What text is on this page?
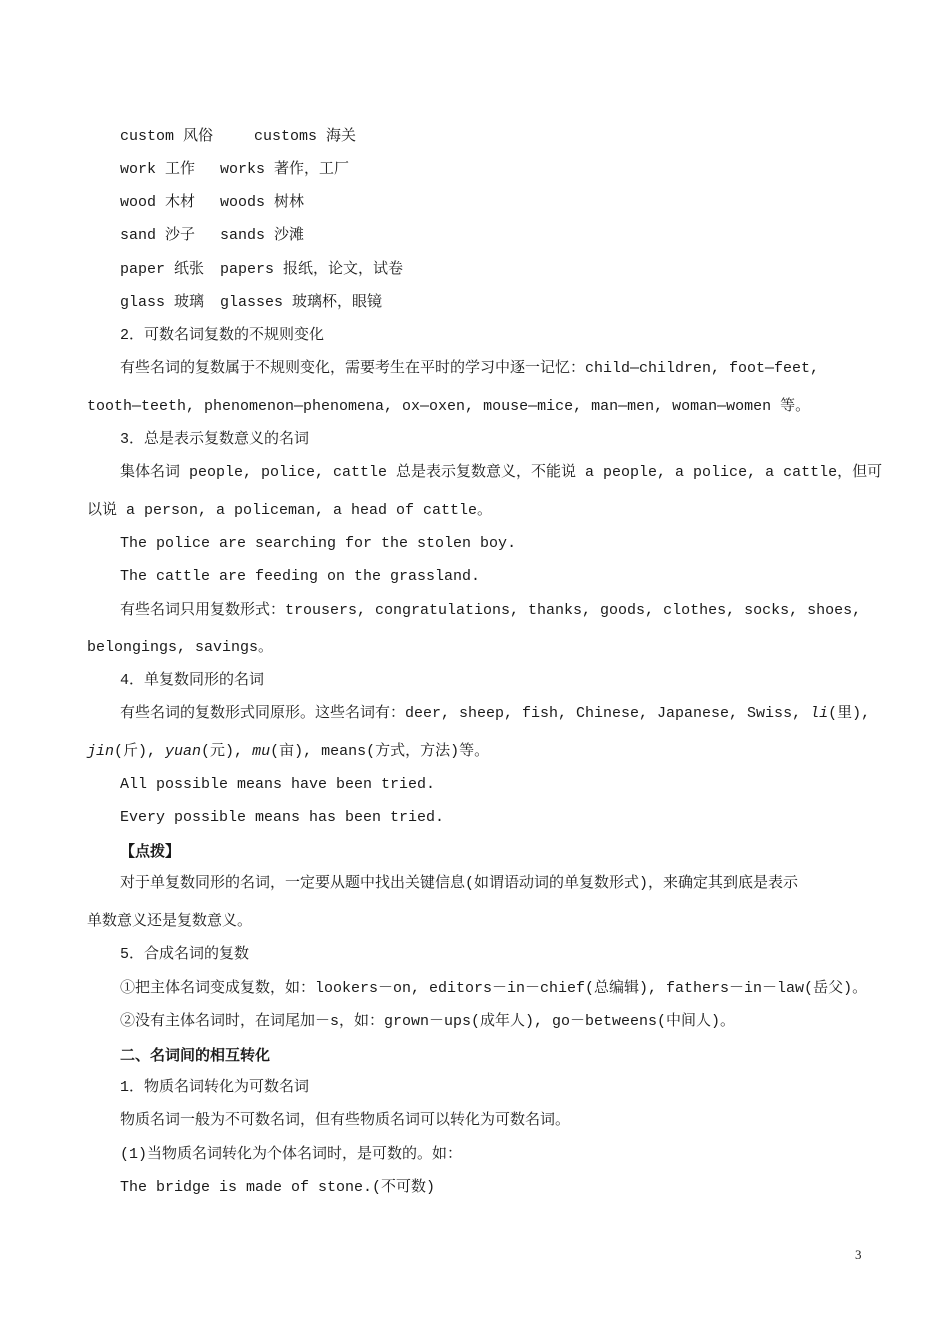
custom 风俗	customs 海关
work 工作 works 著作，工厂
wood 木材 woods 树林
sand 沙子 sands 沙滩
paper 纸张 papers 报纸，论文，试卷
glass 玻璃 glasses 玻璃杯，眼镜
2．可数名词复数的不规则变化
有些名词的复数属于不规则变化，需要考生在平时的学习中逐一记忆：child—children, foot—feet,
tooth—teeth, phenomenon—phenomena, ox—oxen, mouse—mice, man—men, woman—women 等。
3．总是表示复数意义的名词
集体名词 people, police, cattle 总是表示复数意义，不能说 a people, a police, a cattle，但可
以说 a person, a policeman, a head of cattle。
The police are searching for the stolen boy.
The cattle are feeding on the grassland.
有些名词只用复数形式：trousers, congratulations, thanks, goods, clothes, socks, shoes,
belongings, savings。
4．单复数同形的名词
有些名词的复数形式同原形。这些名词有：deer, sheep, fish, Chinese, Japanese, Swiss, li(里),
jin(斤), yuan(元), mu(亩), means(方式，方法)等。
All possible means have been tried.
Every possible means has been tried.
【点拨】
对于单复数同形的名词，一定要从题中找出关键信息(如谓语动词的单复数形式)，来确定其到底是表示
单数意义还是复数意义。
5．合成名词的复数
①把主体名词变成复数，如：lookers－on, editors－in－chief(总编辑), fathers－in－law(岳父)。
②没有主体名词时，在词尾加－s，如：grown－ups(成年人), go－betweens(中间人)。
二、名词间的相互转化
1．物质名词转化为可数名词
物质名词一般为不可数名词，但有些物质名词可以转化为可数名词。
(1)当物质名词转化为个体名词时，是可数的。如：
The bridge is made of stone.(不可数)
3
